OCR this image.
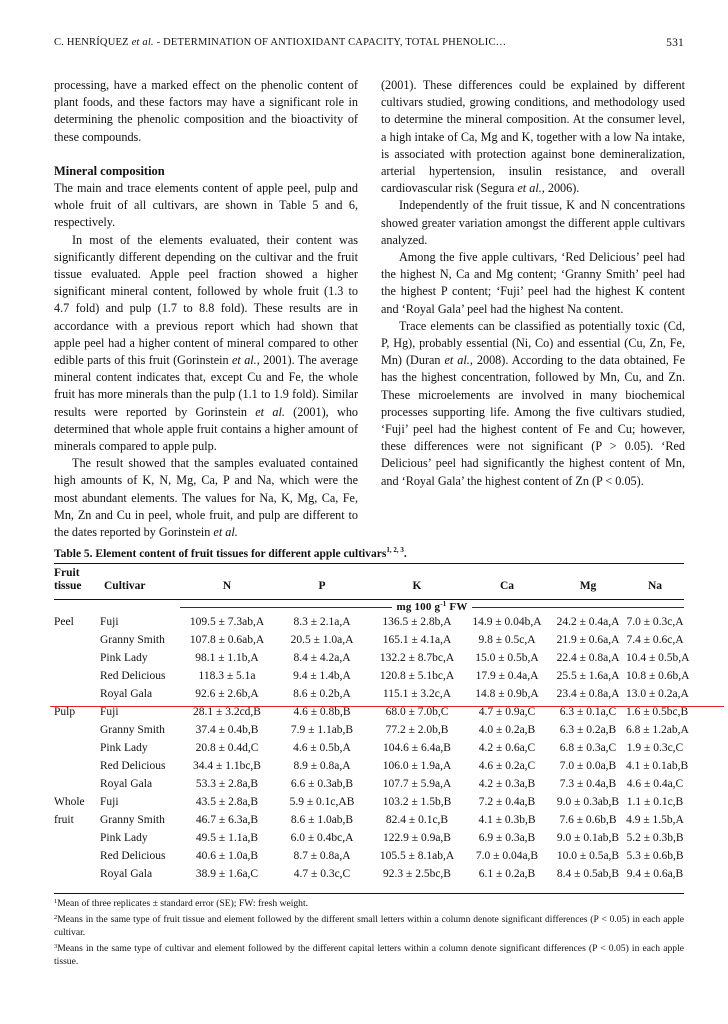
C. HENRÍQUEZ et al. - DETERMINATION OF ANTIOXIDANT CAPACITY, TOTAL PHENOLIC…	531

processing, have a marked effect on the phenolic content of plant foods, and these factors may have a significant role in determining the phenolic composition and the bioactivity of these compounds.

Mineral composition

The main and trace elements content of apple peel, pulp and whole fruit of all cultivars, are shown in Table 5 and 6, respectively.

In most of the elements evaluated, their content was significantly different depending on the cultivar and the fruit tissue evaluated. Apple peel fraction showed a higher significant mineral content, followed by whole fruit (1.3 to 4.7 fold) and pulp (1.7 to 8.8 fold). These results are in accordance with a previous report which had shown that apple peel had a higher content of mineral compared to other edible parts of this fruit (Gorinstein et al., 2001). The average mineral content indicates that, except Cu and Fe, the whole fruit has more minerals than the pulp (1.1 to 1.9 fold). Similar results were reported by Gorinstein et al. (2001), who determined that whole apple fruit contains a higher amount of minerals compared to apple pulp.

The result showed that the samples evaluated contained high amounts of K, N, Mg, Ca, P and Na, which were the most abundant elements. The values for Na, K, Mg, Ca, Fe, Mn, Zn and Cu in peel, whole fruit, and pulp are different to the dates reported by Gorinstein et al.

(2001). These differences could be explained by different cultivars studied, growing conditions, and methodology used to determine the mineral composition. At the consumer level, a high intake of Ca, Mg and K, together with a low Na intake, is associated with protection against bone demineralization, arterial hypertension, insulin resistance, and overall cardiovascular risk (Segura et al., 2006).

Independently of the fruit tissue, K and N concentrations showed greater variation amongst the different apple cultivars analyzed.

Among the five apple cultivars, ‘Red Delicious’ peel had the highest N, Ca and Mg content; ‘Granny Smith’ peel had the highest P content; ‘Fuji’ peel had the highest K content and ‘Royal Gala’ peel had the highest Na content.

Trace elements can be classified as potentially toxic (Cd, P, Hg), probably essential (Ni, Co) and essential (Cu, Zn, Fe, Mn) (Duran et al., 2008). According to the data obtained, Fe has the highest concentration, followed by Mn, Cu, and Zn. These microelements are involved in many biochemical processes supporting life. Among the five cultivars studied, ‘Fuji’ peel had the highest content of Fe and Cu; however, these differences were not significant (P > 0.05). ‘Red Delicious’ peel had significantly the highest content of Mn, and ‘Royal Gala’ the highest content of Zn (P < 0.05).

Table 5. Element content of fruit tissues for different apple cultivars$^{1, 2, 3}$.
Fruit
tissue Cultivar	N	P	K	Ca	Mg	Na
mg 100 $g^{-1}$ FW
Peel Fuji	109.5 ± 7.3ab,A	8.3 ± 2.1a,A	136.5 ± 2.8b,A	14.9 ± 0.04b,A	24.2 ± 0.4a,A 7.0 ± 0.3c,A
Granny Smith	107.8 ± 0.6ab,A	20.5 ± 1.0a,A	165.1 ± 4.1a,A	9.8 ± 0.5c,A	21.9 ± 0.6a,A 7.4 ± 0.6c,A
Pink Lady	98.1 ± 1.1b,A	8.4 ± 4.2a,A	132.2 ± 8.7bc,A	15.0 ± 0.5b,A	22.4 ± 0.8a,A 10.4 ± 0.5b,A
Red Delicious	118.3 ± 5.1a	9.4 ± 1.4b,A	120.8 ± 5.1bc,A	17.9 ± 0.4a,A	25.5 ± 1.6a,A 10.8 ± 0.6b,A
Royal Gala	92.6 ± 2.6b,A	8.6 ± 0.2b,A	115.1 ± 3.2c,A	14.8 ± 0.9b,A	23.4 ± 0.8a,A 13.0 ± 0.2a,A
Pulp Fuji	28.1 ± 3.2cd,B	4.6 ± 0.8b,B	68.0 ± 7.0b,C	4.7 ± 0.9a,C	6.3 ± 0.1a,C 1.6 ± 0.5bc,B
Granny Smith	37.4 ± 0.4b,B	7.9 ± 1.1ab,B	77.2 ± 2.0b,B	4.0 ± 0.2a,B	6.3 ± 0.2a,B 6.8 ± 1.2ab,A
Pink Lady	20.8 ± 0.4d,C	4.6 ± 0.5b,A	104.6 ± 6.4a,B	4.2 ± 0.6a,C	6.8 ± 0.3a,C 1.9 ± 0.3c,C
Red Delicious	34.4 ± 1.1bc,B	8.9 ± 0.8a,A	106.0 ± 1.9a,A	4.6 ± 0.2a,C	7.0 ± 0.0a,B 4.1 ± 0.1ab,B
Royal Gala	53.3 ± 2.8a,B	6.6 ± 0.3ab,B	107.7 ± 5.9a,A	4.2 ± 0.3a,B	7.3 ± 0.4a,B 4.6 ± 0.4a,C
Whole Fuji	43.5 ± 2.8a,B	5.9 ± 0.1c,AB	103.2 ± 1.5b,B	7.2 ± 0.4a,B	9.0 ± 0.3ab,B 1.1 ± 0.1c,B
fruit Granny Smith	46.7 ± 6.3a,B	8.6 ± 1.0ab,B	82.4 ± 0.1c,B	4.1 ± 0.3b,B	7.6 ± 0.6b,B 4.9 ± 1.5b,A
Pink Lady	49.5 ± 1.1a,B	6.0 ± 0.4bc,A	122.9 ± 0.9a,B	6.9 ± 0.3a,B	9.0 ± 0.1ab,B 5.2 ± 0.3b,B
Red Delicious	40.6 ± 1.0a,B	8.7 ± 0.8a,A	105.5 ± 8.1ab,A	7.0 ± 0.04a,B	10.0 ± 0.5a,B 5.3 ± 0.6b,B
Royal Gala	38.9 ± 1.6a,C	4.7 ± 0.3c,C	92.3 ± 2.5bc,B	6.1 ± 0.2a,B	8.4 ± 0.5ab,B 9.4 ± 0.6a,B

$^1$Mean of three replicates ± standard error (SE); FW: fresh weight.

$^2$Means in the same type of fruit tissue and element followed by the different small letters within a column denote significant differences (P < 0.05) in each apple cultivar.

$^3$Means in the same type of cultivar and element followed by the different capital letters within a column denote significant differences (P < 0.05) in each apple tissue.
